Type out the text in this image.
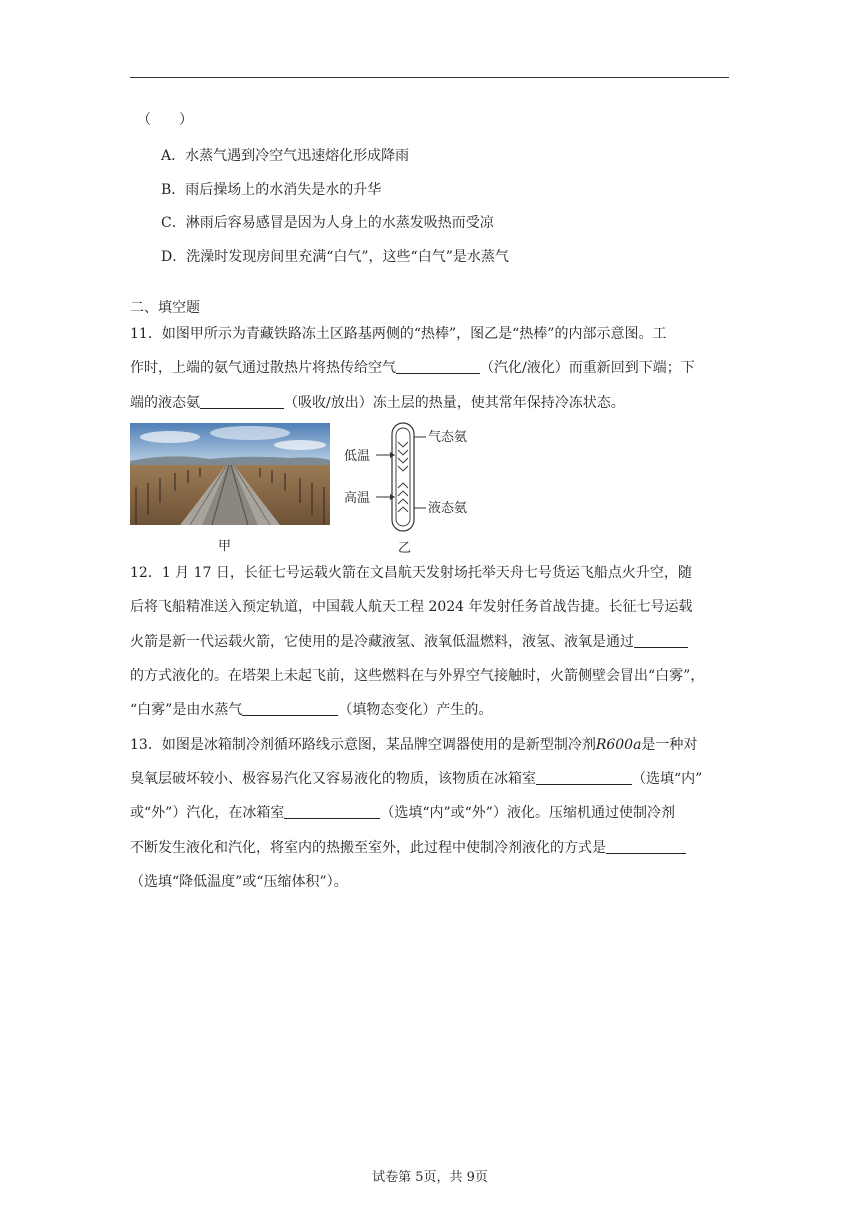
（　　）
A．水蒸气遇到冷空气迅速熔化形成降雨
B．雨后操场上的水消失是水的升华
C．淋雨后容易感冒是因为人身上的水蒸发吸热而受凉
D．洗澡时发现房间里充满“白气”，这些“白气”是水蒸气
二、填空题
11．如图甲所示为青藏铁路冻土区路基两侧的“热棒”，图乙是“热棒”的内部示意图。工
作时，上端的氨气通过散热片将热传给空气	（汽化/液化）而重新回到下端；下
端的液态氨	（吸收/放出）冻土层的热量，使其常年保持冷冻状态。
低温
高温
气态氨
液态氨
甲	乙
12．1 月 17 日，长征七号运载火箭在文昌航天发射场托举天舟七号货运飞船点火升空，随
后将飞船精准送入预定轨道，中国载人航天工程 2024 年发射任务首战告捷。长征七号运载
火箭是新一代运载火箭，它使用的是冷藏液氢、液氧低温燃料，液氢、液氧是通过
的方式液化的。在塔架上未起飞前，这些燃料在与外界空气接触时，火箭侧壁会冒出“白雾”，
“白雾”是由水蒸气	（填物态变化）产生的。
13．如图是冰箱制冷剂循环路线示意图，某品牌空调器使用的是新型制冷剂R600a是一种对
臭氧层破坏较小、极容易汽化又容易液化的物质，该物质在冰箱室	（选填“内”
或“外”）汽化，在冰箱室	（选填“内”或“外”）液化。压缩机通过使制冷剂
不断发生液化和汽化，将室内的热搬至室外，此过程中使制冷剂液化的方式是
（选填“降低温度”或“压缩体积”）。
试卷第 5页，共 9页
